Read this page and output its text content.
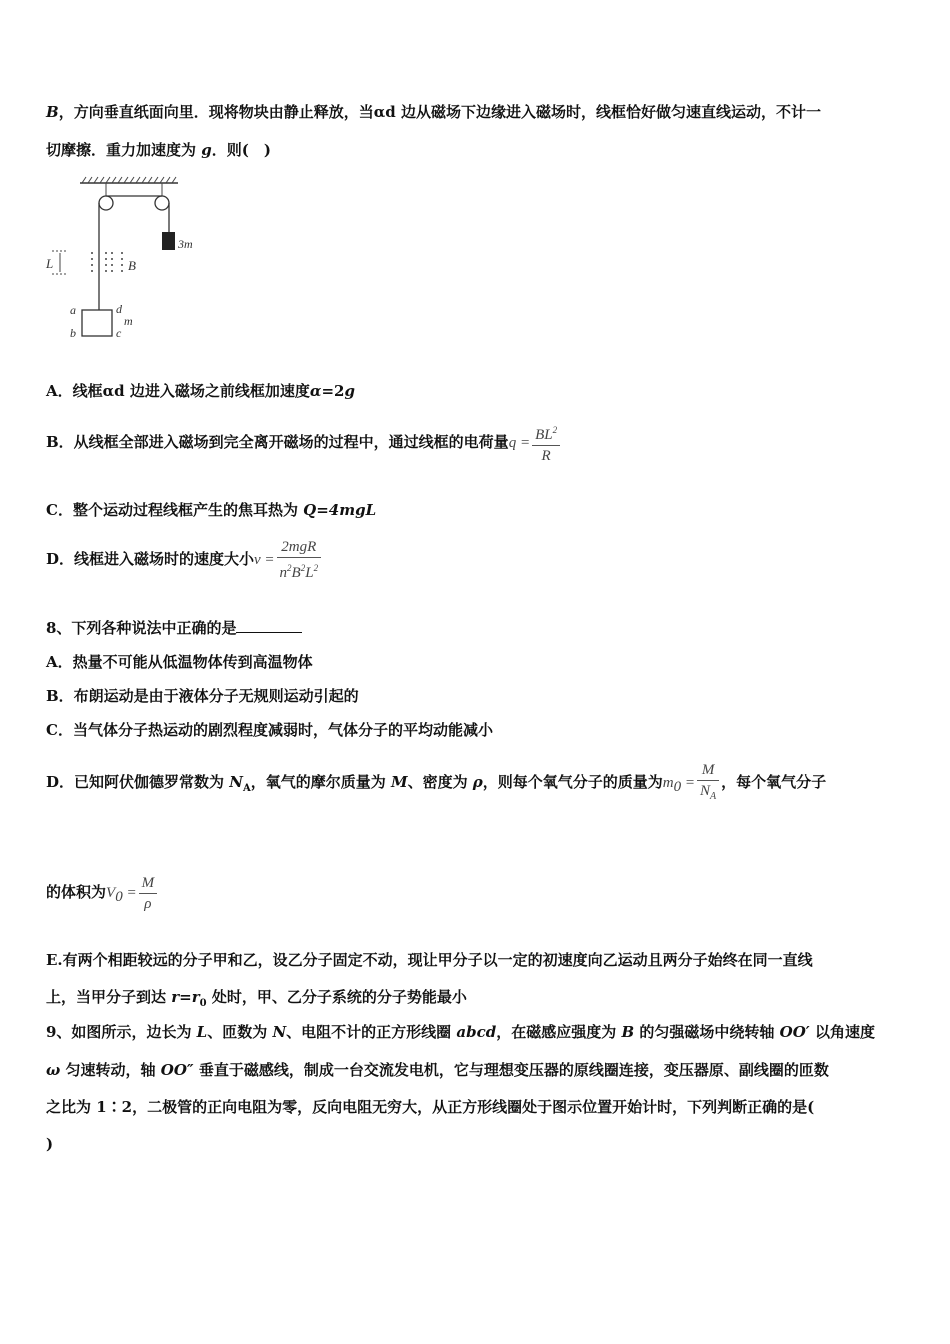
B，方向垂直纸面向里．现将物块由静止释放，当αd 边从磁场下边缘进入磁场时，线框恰好做匀速直线运动，不计一
切摩擦．重力加速度为 g．则(　)
3m
L	B
a
b	c
d
m
A．线框αd 边进入磁场之前线框加速度α=2g
B．从线框全部进入磁场到完全离开磁场的过程中，通过线框的电荷量$q = \frac{BL^2}{R}$
C．整个运动过程线框产生的焦耳热为 Q=4mgL
D．线框进入磁场时的速度大小$v = \frac{\text{2mgR}}{n^2B^2L^2}$
8、下列各种说法中正确的是
A．热量不可能从低温物体传到高温物体
B．布朗运动是由于液体分子无规则运动引起的
C．当气体分子热运动的剧烈程度减弱时，气体分子的平均动能减小
D．已知阿伏伽德罗常数为 $N_A$，氧气的摩尔质量为 M、密度为 ρ，则每个氧气分子的质量为$m_0 = \frac{M}{N_A}$ ，每个氧气分子
的体积为$V_0 = \frac{M}{\rho}$
E.有两个相距较远的分子甲和乙，设乙分子固定不动，现让甲分子以一定的初速度向乙运动且两分子始终在同一直线
上，当甲分子到达 $r=r_0$ 处时，甲、乙分子系统的分子势能最小
9、如图所示，边长为 L、匝数为 N、电阻不计的正方形线圈 abcd，在磁感应强度为 B 的匀强磁场中绕转轴 OO′ 以角速度
ω 匀速转动，轴 OO″ 垂直于磁感线，制成一台交流发电机，它与理想变压器的原线圈连接，变压器原、副线圈的匝数
之比为 1∶2，二极管的正向电阻为零，反向电阻无穷大，从正方形线圈处于图示位置开始计时，下列判断正确的是(
)
